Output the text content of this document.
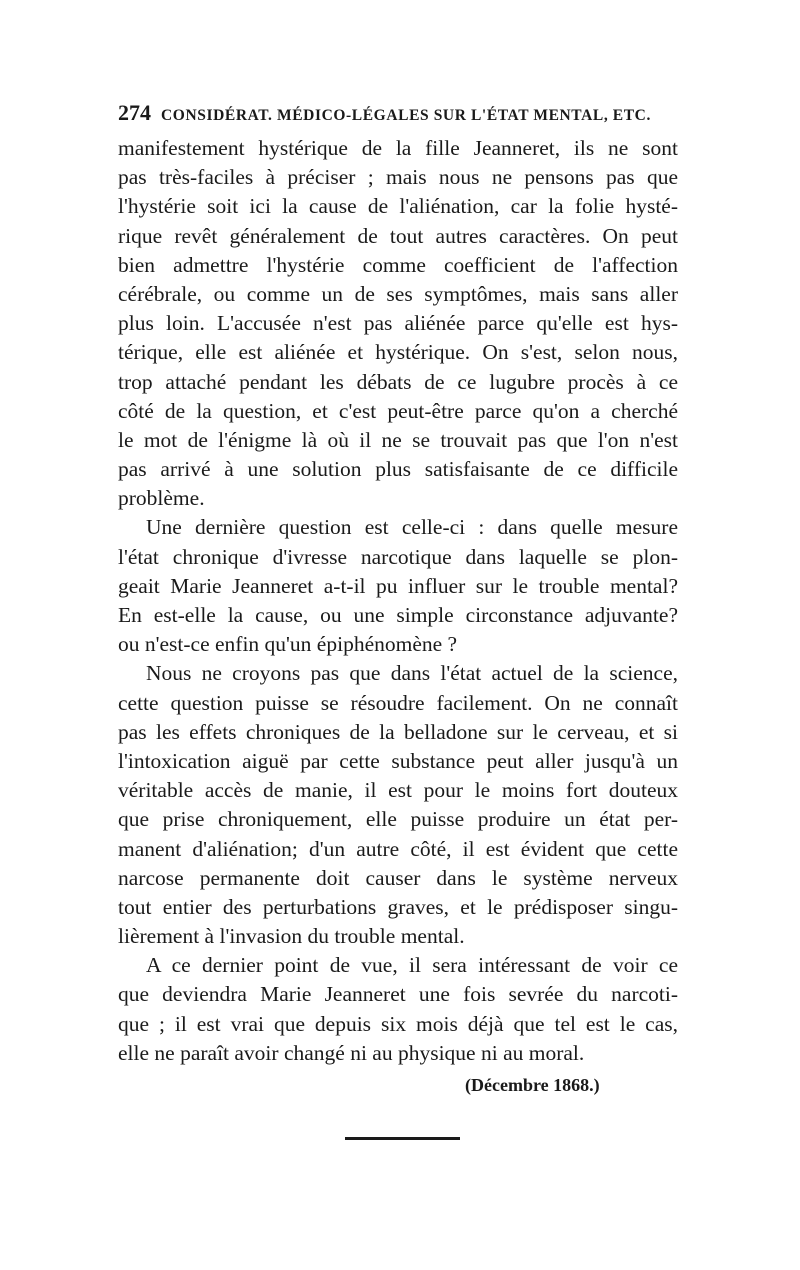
274 CONSIDÉRAT. MÉDICO-LÉGALES SUR L'ÉTAT MENTAL, ETC.
manifestement hystérique de la fille Jeanneret, ils ne sont
pas très-faciles à préciser ; mais nous ne pensons pas que
l'hystérie soit ici la cause de l'aliénation, car la folie hysté-
rique revêt généralement de tout autres caractères. On peut
bien admettre l'hystérie comme coefficient de l'affection
cérébrale, ou comme un de ses symptômes, mais sans aller
plus loin. L'accusée n'est pas aliénée parce qu'elle est hys-
térique, elle est aliénée et hystérique. On s'est, selon nous,
trop attaché pendant les débats de ce lugubre procès à ce
côté de la question, et c'est peut-être parce qu'on a cherché
le mot de l'énigme là où il ne se trouvait pas que l'on n'est
pas arrivé à une solution plus satisfaisante de ce difficile
problème.
Une dernière question est celle-ci : dans quelle mesure
l'état chronique d'ivresse narcotique dans laquelle se plon-
geait Marie Jeanneret a-t-il pu influer sur le trouble mental?
En est-elle la cause, ou une simple circonstance adjuvante?
ou n'est-ce enfin qu'un épiphénomène ?
Nous ne croyons pas que dans l'état actuel de la science,
cette question puisse se résoudre facilement. On ne connaît
pas les effets chroniques de la belladone sur le cerveau, et si
l'intoxication aiguë par cette substance peut aller jusqu'à un
véritable accès de manie, il est pour le moins fort douteux
que prise chroniquement, elle puisse produire un état per-
manent d'aliénation; d'un autre côté, il est évident que cette
narcose permanente doit causer dans le système nerveux
tout entier des perturbations graves, et le prédisposer singu-
lièrement à l'invasion du trouble mental.
A ce dernier point de vue, il sera intéressant de voir ce
que deviendra Marie Jeanneret une fois sevrée du narcoti-
que ; il est vrai que depuis six mois déjà que tel est le cas,
elle ne paraît avoir changé ni au physique ni au moral.
(Décembre 1868.)
